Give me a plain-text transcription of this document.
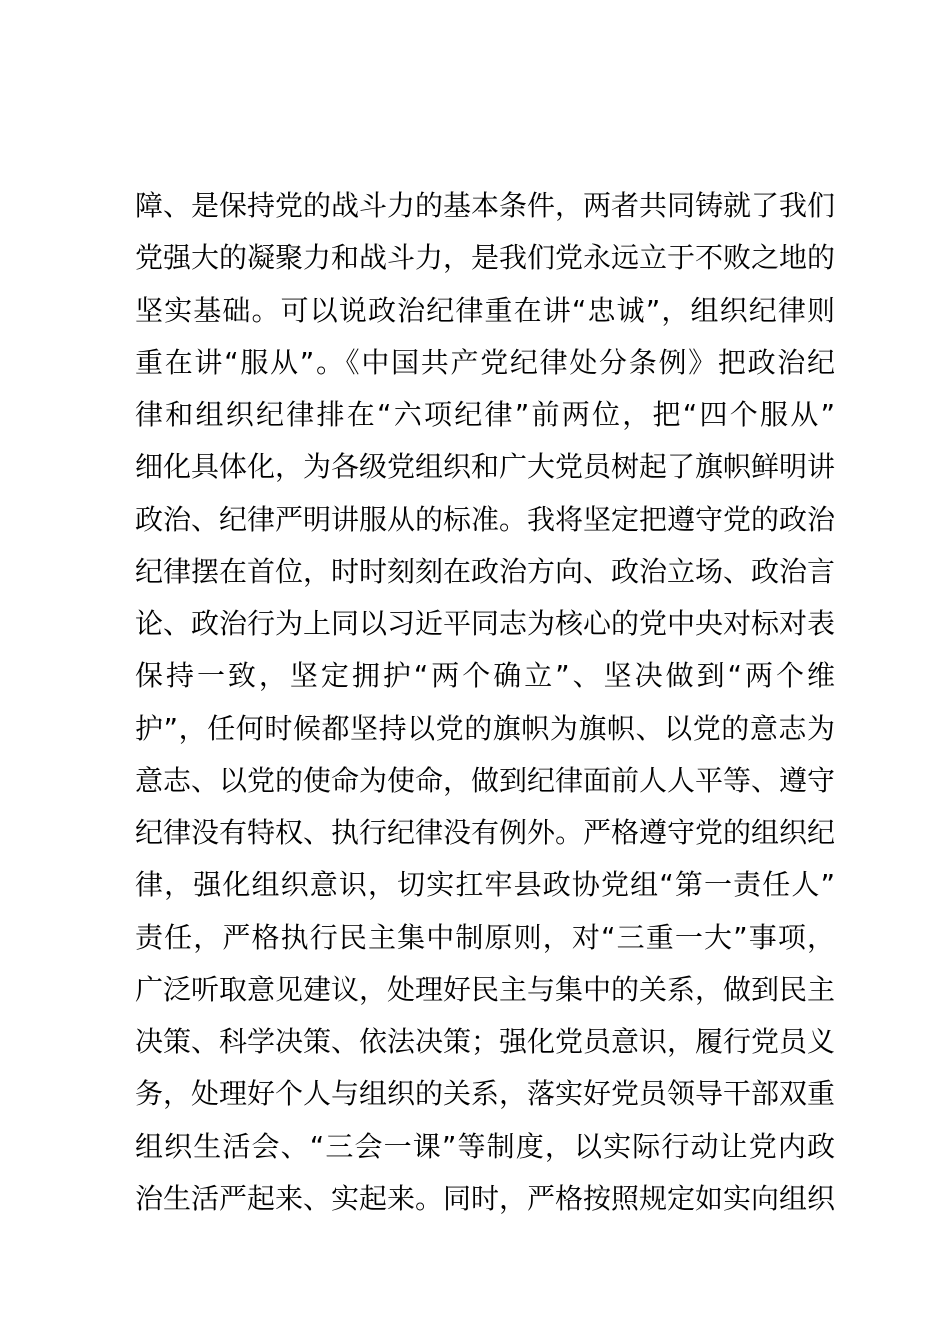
障、是保持党的战斗力的基本条件，两者共同铸就了我们
党强大的凝聚力和战斗力，是我们党永远立于不败之地的
坚实基础。可以说政治纪律重在讲“忠诚”，组织纪律则
重在讲“服从”。《中国共产党纪律处分条例》把政治纪
律和组织纪律排在“六项纪律”前两位，把“四个服从”
细化具体化，为各级党组织和广大党员树起了旗帜鲜明讲
政治、纪律严明讲服从的标准。我将坚定把遵守党的政治
纪律摆在首位，时时刻刻在政治方向、政治立场、政治言
论、政治行为上同以习近平同志为核心的党中央对标对表
保持一致，坚定拥护“两个确立”、坚决做到“两个维
护”，任何时候都坚持以党的旗帜为旗帜、以党的意志为
意志、以党的使命为使命，做到纪律面前人人平等、遵守
纪律没有特权、执行纪律没有例外。严格遵守党的组织纪
律，强化组织意识，切实扛牢县政协党组“第一责任人”
责任，严格执行民主集中制原则，对“三重一大”事项，
广泛听取意见建议，处理好民主与集中的关系，做到民主
决策、科学决策、依法决策；强化党员意识，履行党员义
务，处理好个人与组织的关系，落实好党员领导干部双重
组织生活会、“三会一课”等制度，以实际行动让党内政
治生活严起来、实起来。同时，严格按照规定如实向组织
